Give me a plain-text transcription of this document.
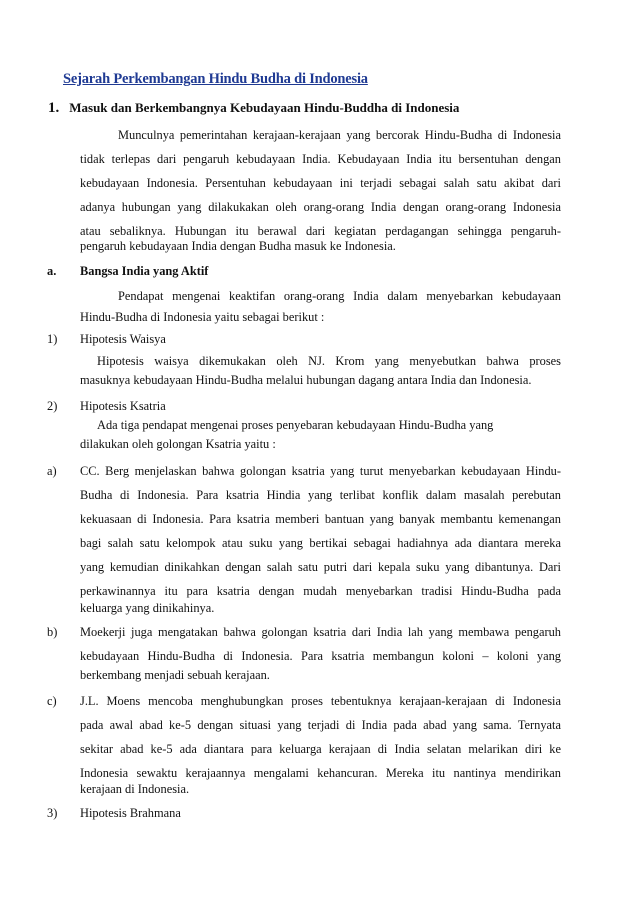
Sejarah Perkembangan Hindu Budha di Indonesia
1. Masuk dan Berkembangnya Kebudayaan Hindu-Buddha di Indonesia
Munculnya pemerintahan kerajaan-kerajaan yang bercorak Hindu-Budha di Indonesia
tidak terlepas dari pengaruh kebudayaan India. Kebudayaan India itu bersentuhan dengan
kebudayaan Indonesia. Persentuhan kebudayaan ini terjadi sebagai salah satu akibat dari
adanya hubungan yang dilakukakan oleh orang-orang India dengan orang-orang Indonesia
atau sebaliknya. Hubungan itu berawal dari kegiatan perdagangan sehingga pengaruh-
pengaruh kebudayaan India dengan Budha masuk ke Indonesia.
a. Bangsa India yang Aktif
Pendapat mengenai keaktifan orang-orang India dalam menyebarkan kebudayaan
Hindu-Budha di Indonesia yaitu sebagai berikut :
1) Hipotesis Waisya
Hipotesis waisya dikemukakan oleh NJ. Krom yang menyebutkan bahwa proses
masuknya kebudayaan Hindu-Budha melalui hubungan dagang antara India dan Indonesia.
2) Hipotesis Ksatria
Ada tiga pendapat mengenai proses penyebaran kebudayaan Hindu-Budha yang
dilakukan oleh golongan Ksatria yaitu :
a) CC. Berg menjelaskan bahwa golongan ksatria yang turut menyebarkan kebudayaan Hindu-
Budha di Indonesia. Para ksatria Hindia yang terlibat konflik dalam masalah perebutan
kekuasaan di Indonesia. Para ksatria memberi bantuan yang banyak membantu kemenangan
bagi salah satu kelompok atau suku yang bertikai sebagai hadiahnya ada diantara mereka
yang kemudian dinikahkan dengan salah satu putri dari kepala suku yang dibantunya. Dari
perkawinannya itu para ksatria dengan mudah menyebarkan tradisi Hindu-Budha pada
keluarga yang dinikahinya.
b) Moekerji juga mengatakan bahwa golongan ksatria dari India lah yang membawa pengaruh
kebudayaan Hindu-Budha di Indonesia. Para ksatria membangun koloni – koloni yang
berkembang menjadi sebuah kerajaan.
c) J.L. Moens mencoba menghubungkan proses tebentuknya kerajaan-kerajaan di Indonesia
pada awal abad ke-5 dengan situasi yang terjadi di India pada abad yang sama. Ternyata
sekitar abad ke-5 ada diantara para keluarga kerajaan di India selatan melarikan diri ke
Indonesia sewaktu kerajaannya mengalami kehancuran. Mereka itu nantinya mendirikan
kerajaan di Indonesia.
3) Hipotesis Brahmana
